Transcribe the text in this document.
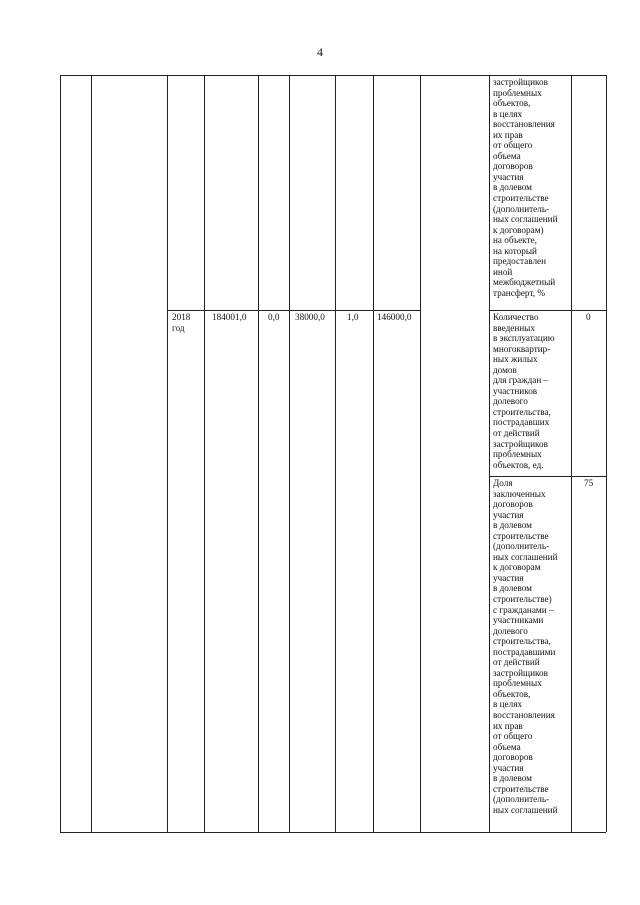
4
2018
год
184001,0 0,0 38000,0 1,0 146000,0
застройщиков
проблемных
объектов,
в целях
восстановления
их прав
от общего
объема
договоров
участия
в долевом
строительстве
(дополнитель-
ных соглашений
к договорам)
на объекте,
на который
предоставлен
иной
межбюджетный
трансферт, %
Количество
введенных
в эксплуатацию
многоквартир-
ных жилых
домов
для граждан –
участников
долевого
строительства,
пострадавших
от действий
застройщиков
проблемных
объектов, ед.
0
Доля
заключенных
договоров
участия
в долевом
строительстве
(дополнитель-
ных соглашений
к договорам
участия
в долевом
строительстве)
с гражданами –
участниками
долевого
строительства,
пострадавшими
от действий
застройщиков
проблемных
объектов,
в целях
восстановления
их прав
от общего
объема
договоров
участия
в долевом
строительстве
(дополнитель-
ных соглашений
75
